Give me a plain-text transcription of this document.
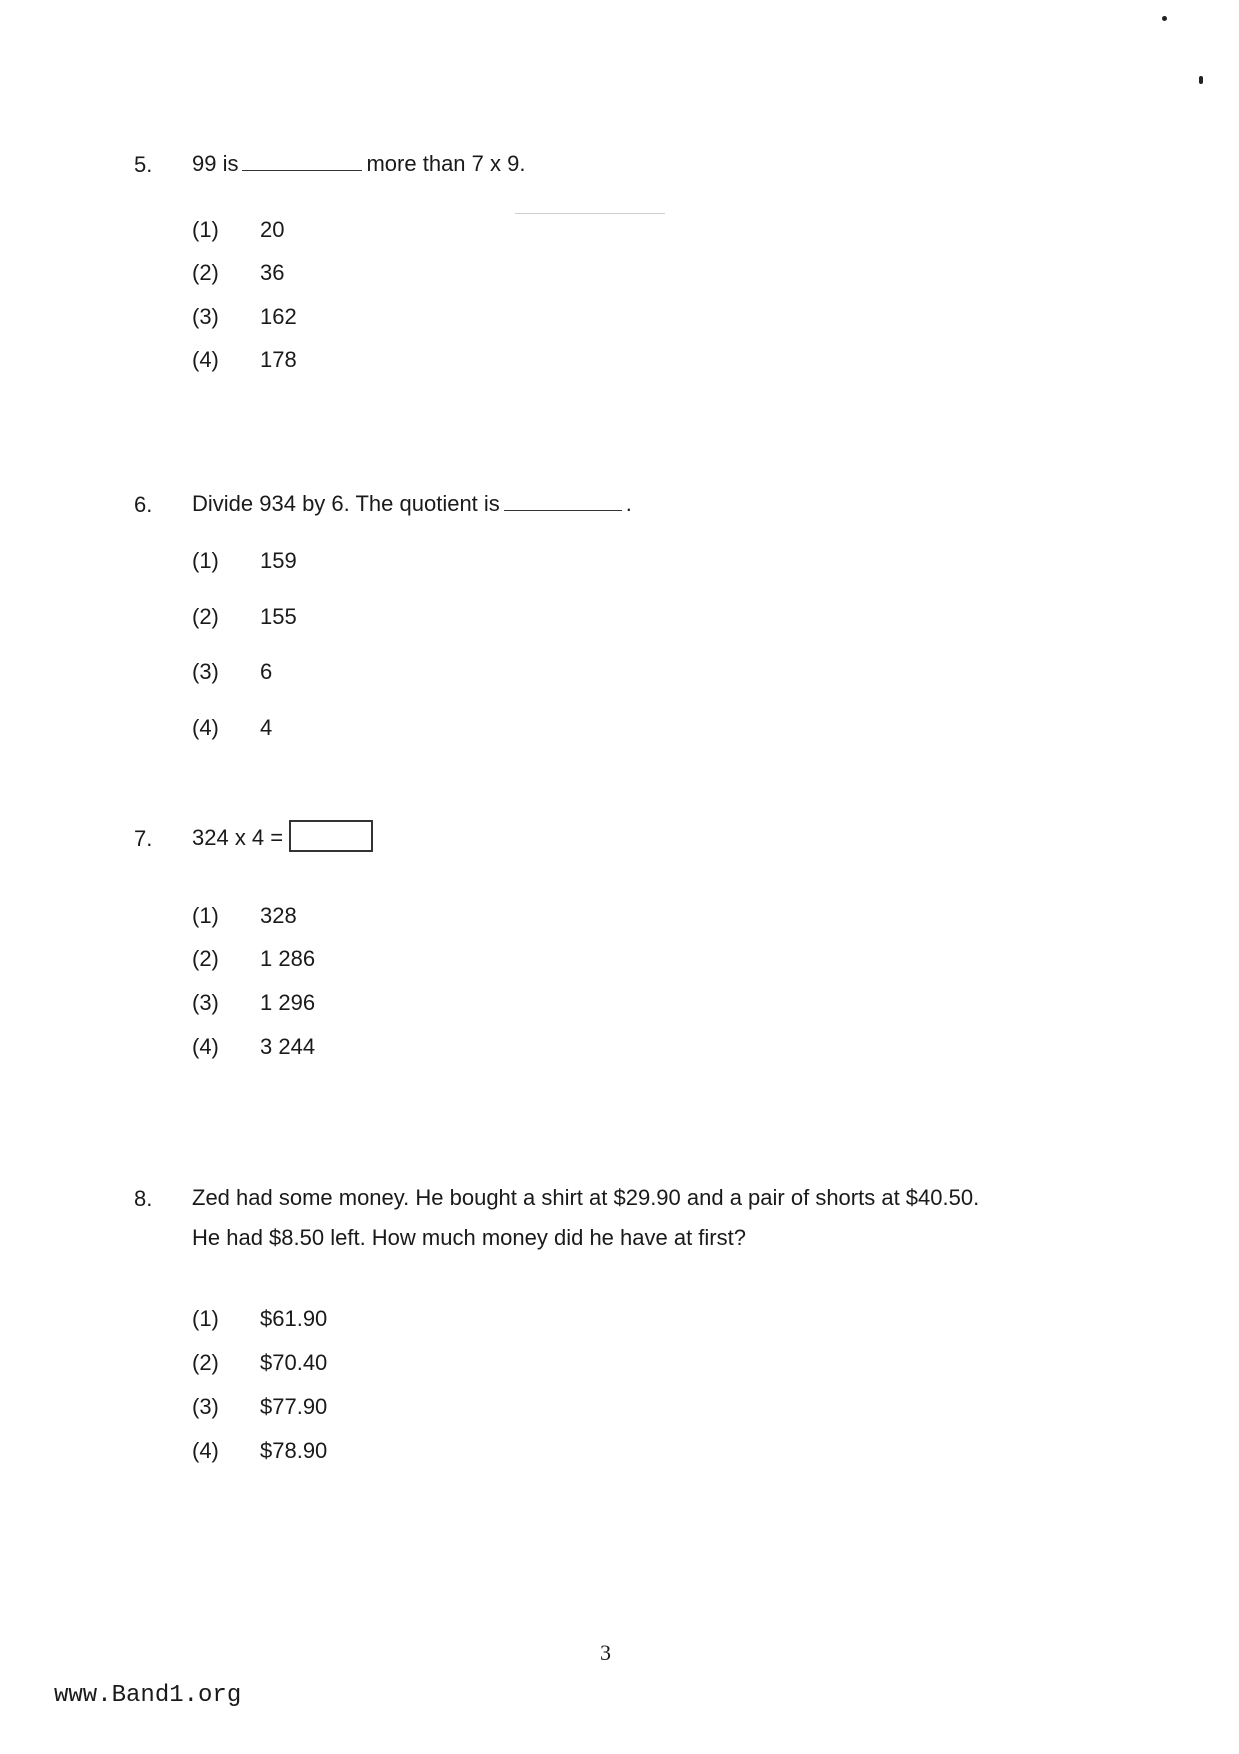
5. 99 is	more than 7 x 9.
(1) 20
(2) 36
(3) 162
(4) 178
6. Divide 934 by 6. The quotient is	.
(1) 159
(2) 155
(3) 6
(4) 4
7. 324 x 4 =
(1) 328
(2) 1 286
(3) 1 296
(4) 3 244
8. Zed had some money. He bought a shirt at $29.90 and a pair of shorts at $40.50.
He had $8.50 left. How much money did he have at first?
(1) $61.90
(2) $70.40
(3) $77.90
(4) $78.90
3
www.Band1.org
